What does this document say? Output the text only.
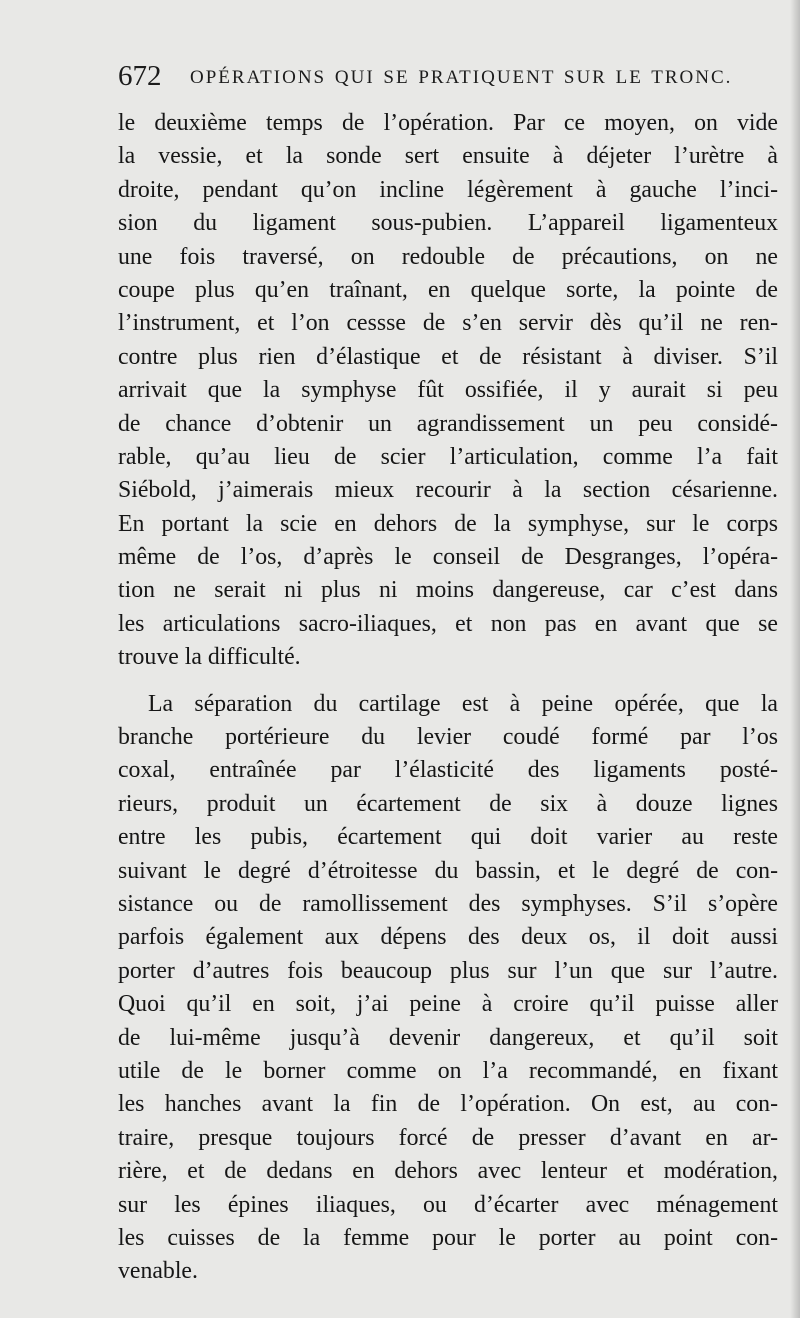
672 OPÉRATIONS QUI SE PRATIQUENT SUR LE TRONC.

le deuxième temps de l’opération. Par ce moyen, on vide
la vessie, et la sonde sert ensuite à déjeter l’urètre à
droite, pendant qu’on incline légèrement à gauche l’inci-
sion du ligament sous-pubien. L’appareil ligamenteux
une fois traversé, on redouble de précautions, on ne
coupe plus qu’en traînant, en quelque sorte, la pointe de
l’instrument, et l’on cessse de s’en servir dès qu’il ne ren-
contre plus rien d’élastique et de résistant à diviser. S’il
arrivait que la symphyse fût ossifiée, il y aurait si peu
de chance d’obtenir un agrandissement un peu considé-
rable, qu’au lieu de scier l’articulation, comme l’a fait
Siébold, j’aimerais mieux recourir à la section césarienne.
En portant la scie en dehors de la symphyse, sur le corps
même de l’os, d’après le conseil de Desgranges, l’opéra-
tion ne serait ni plus ni moins dangereuse, car c’est dans
les articulations sacro-iliaques, et non pas en avant que se
trouve la difficulté.

La séparation du cartilage est à peine opérée, que la
branche portérieure du levier coudé formé par l’os
coxal, entraînée par l’élasticité des ligaments posté-
rieurs, produit un écartement de six à douze lignes
entre les pubis, écartement qui doit varier au reste
suivant le degré d’étroitesse du bassin, et le degré de con-
sistance ou de ramollissement des symphyses. S’il s’opère
parfois également aux dépens des deux os, il doit aussi
porter d’autres fois beaucoup plus sur l’un que sur l’autre.
Quoi qu’il en soit, j’ai peine à croire qu’il puisse aller
de lui-même jusqu’à devenir dangereux, et qu’il soit
utile de le borner comme on l’a recommandé, en fixant
les hanches avant la fin de l’opération. On est, au con-
traire, presque toujours forcé de presser d’avant en ar-
rière, et de dedans en dehors avec lenteur et modération,
sur les épines iliaques, ou d’écarter avec ménagement
les cuisses de la femme pour le porter au point con-
venable.
